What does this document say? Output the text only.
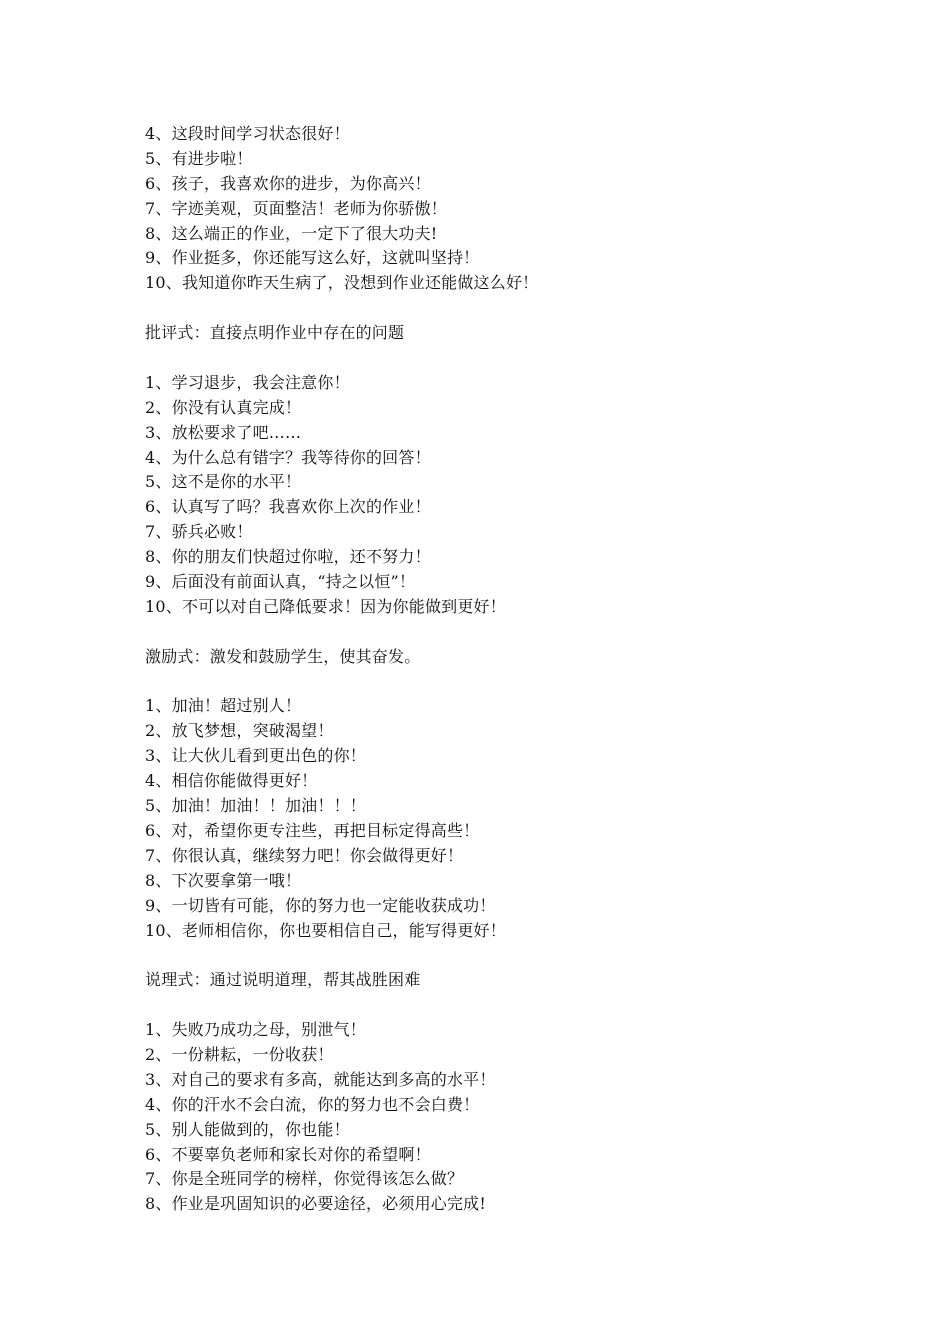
4、这段时间学习状态很好！
5、有进步啦！
6、孩子，我喜欢你的进步，为你高兴！
7、字迹美观，页面整洁！老师为你骄傲！
8、这么端正的作业，一定下了很大功夫!
9、作业挺多，你还能写这么好，这就叫坚持！
10、我知道你昨天生病了，没想到作业还能做这么好！

批评式：直接点明作业中存在的问题

1、学习退步，我会注意你！
2、你没有认真完成！
3、放松要求了吧……
4、为什么总有错字？我等待你的回答！
5、这不是你的水平！
6、认真写了吗？我喜欢你上次的作业！
7、骄兵必败！
8、你的朋友们快超过你啦，还不努力！
9、后面没有前面认真，“持之以恒”！
10、不可以对自己降低要求！因为你能做到更好！

激励式：激发和鼓励学生，使其奋发。

1、加油！超过别人！
2、放飞梦想，突破渴望！
3、让大伙儿看到更出色的你！
4、相信你能做得更好！
5、加油！加油！！加油！！！
6、对，希望你更专注些，再把目标定得高些！
7、你很认真，继续努力吧！你会做得更好！
8、下次要拿第一哦！
9、一切皆有可能，你的努力也一定能收获成功！
10、老师相信你，你也要相信自己，能写得更好！

说理式：通过说明道理，帮其战胜困难

1、失败乃成功之母，别泄气！
2、一份耕耘，一份收获！
3、对自己的要求有多高，就能达到多高的水平！
4、你的汗水不会白流，你的努力也不会白费！
5、别人能做到的，你也能！
6、不要辜负老师和家长对你的希望啊！
7、你是全班同学的榜样，你觉得该怎么做？
8、作业是巩固知识的必要途径，必须用心完成!
